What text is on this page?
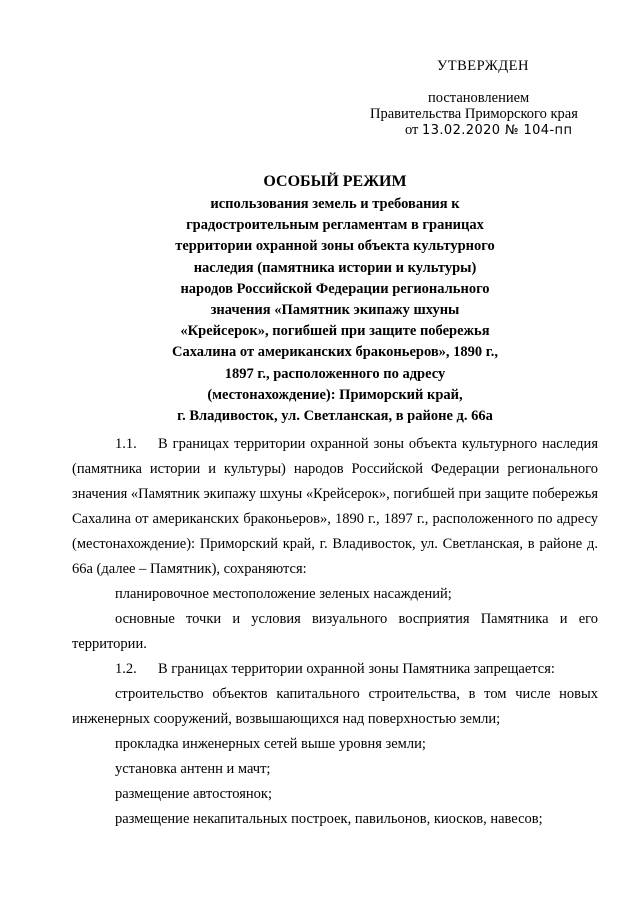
УТВЕРЖДЕН
постановлением
Правительства Приморского края
от 13.02.2020 № 104-пп
ОСОБЫЙ РЕЖИМ
использования земель и требования к
градостроительным регламентам в границах
территории охранной зоны объекта культурного
наследия (памятника истории и культуры)
народов Российской Федерации регионального
значения «Памятник экипажу шхуны
«Крейсерок», погибшей при защите побережья
Сахалина от американских браконьеров», 1890 г.,
1897 г., расположенного по адресу
(местонахождение): Приморский край,
г. Владивосток, ул. Светланская, в районе д. 66а
1.1. В границах территории охранной зоны объекта культурного наследия (памятника истории и культуры) народов Российской Федерации регионального значения «Памятник экипажу шхуны «Крейсерок», погибшей при защите побережья Сахалина от американских браконьеров», 1890 г., 1897 г., расположенного по адресу (местонахождение): Приморский край, г. Владивосток, ул. Светланская, в районе д. 66а (далее – Памятник), сохраняются:
планировочное местоположение зеленых насаждений;
основные точки и условия визуального восприятия Памятника и его территории.
1.2. В границах территории охранной зоны Памятника запрещается:
строительство объектов капитального строительства, в том числе новых инженерных сооружений, возвышающихся над поверхностью земли;
прокладка инженерных сетей выше уровня земли;
установка антенн и мачт;
размещение автостоянок;
размещение некапитальных построек, павильонов, киосков, навесов;
